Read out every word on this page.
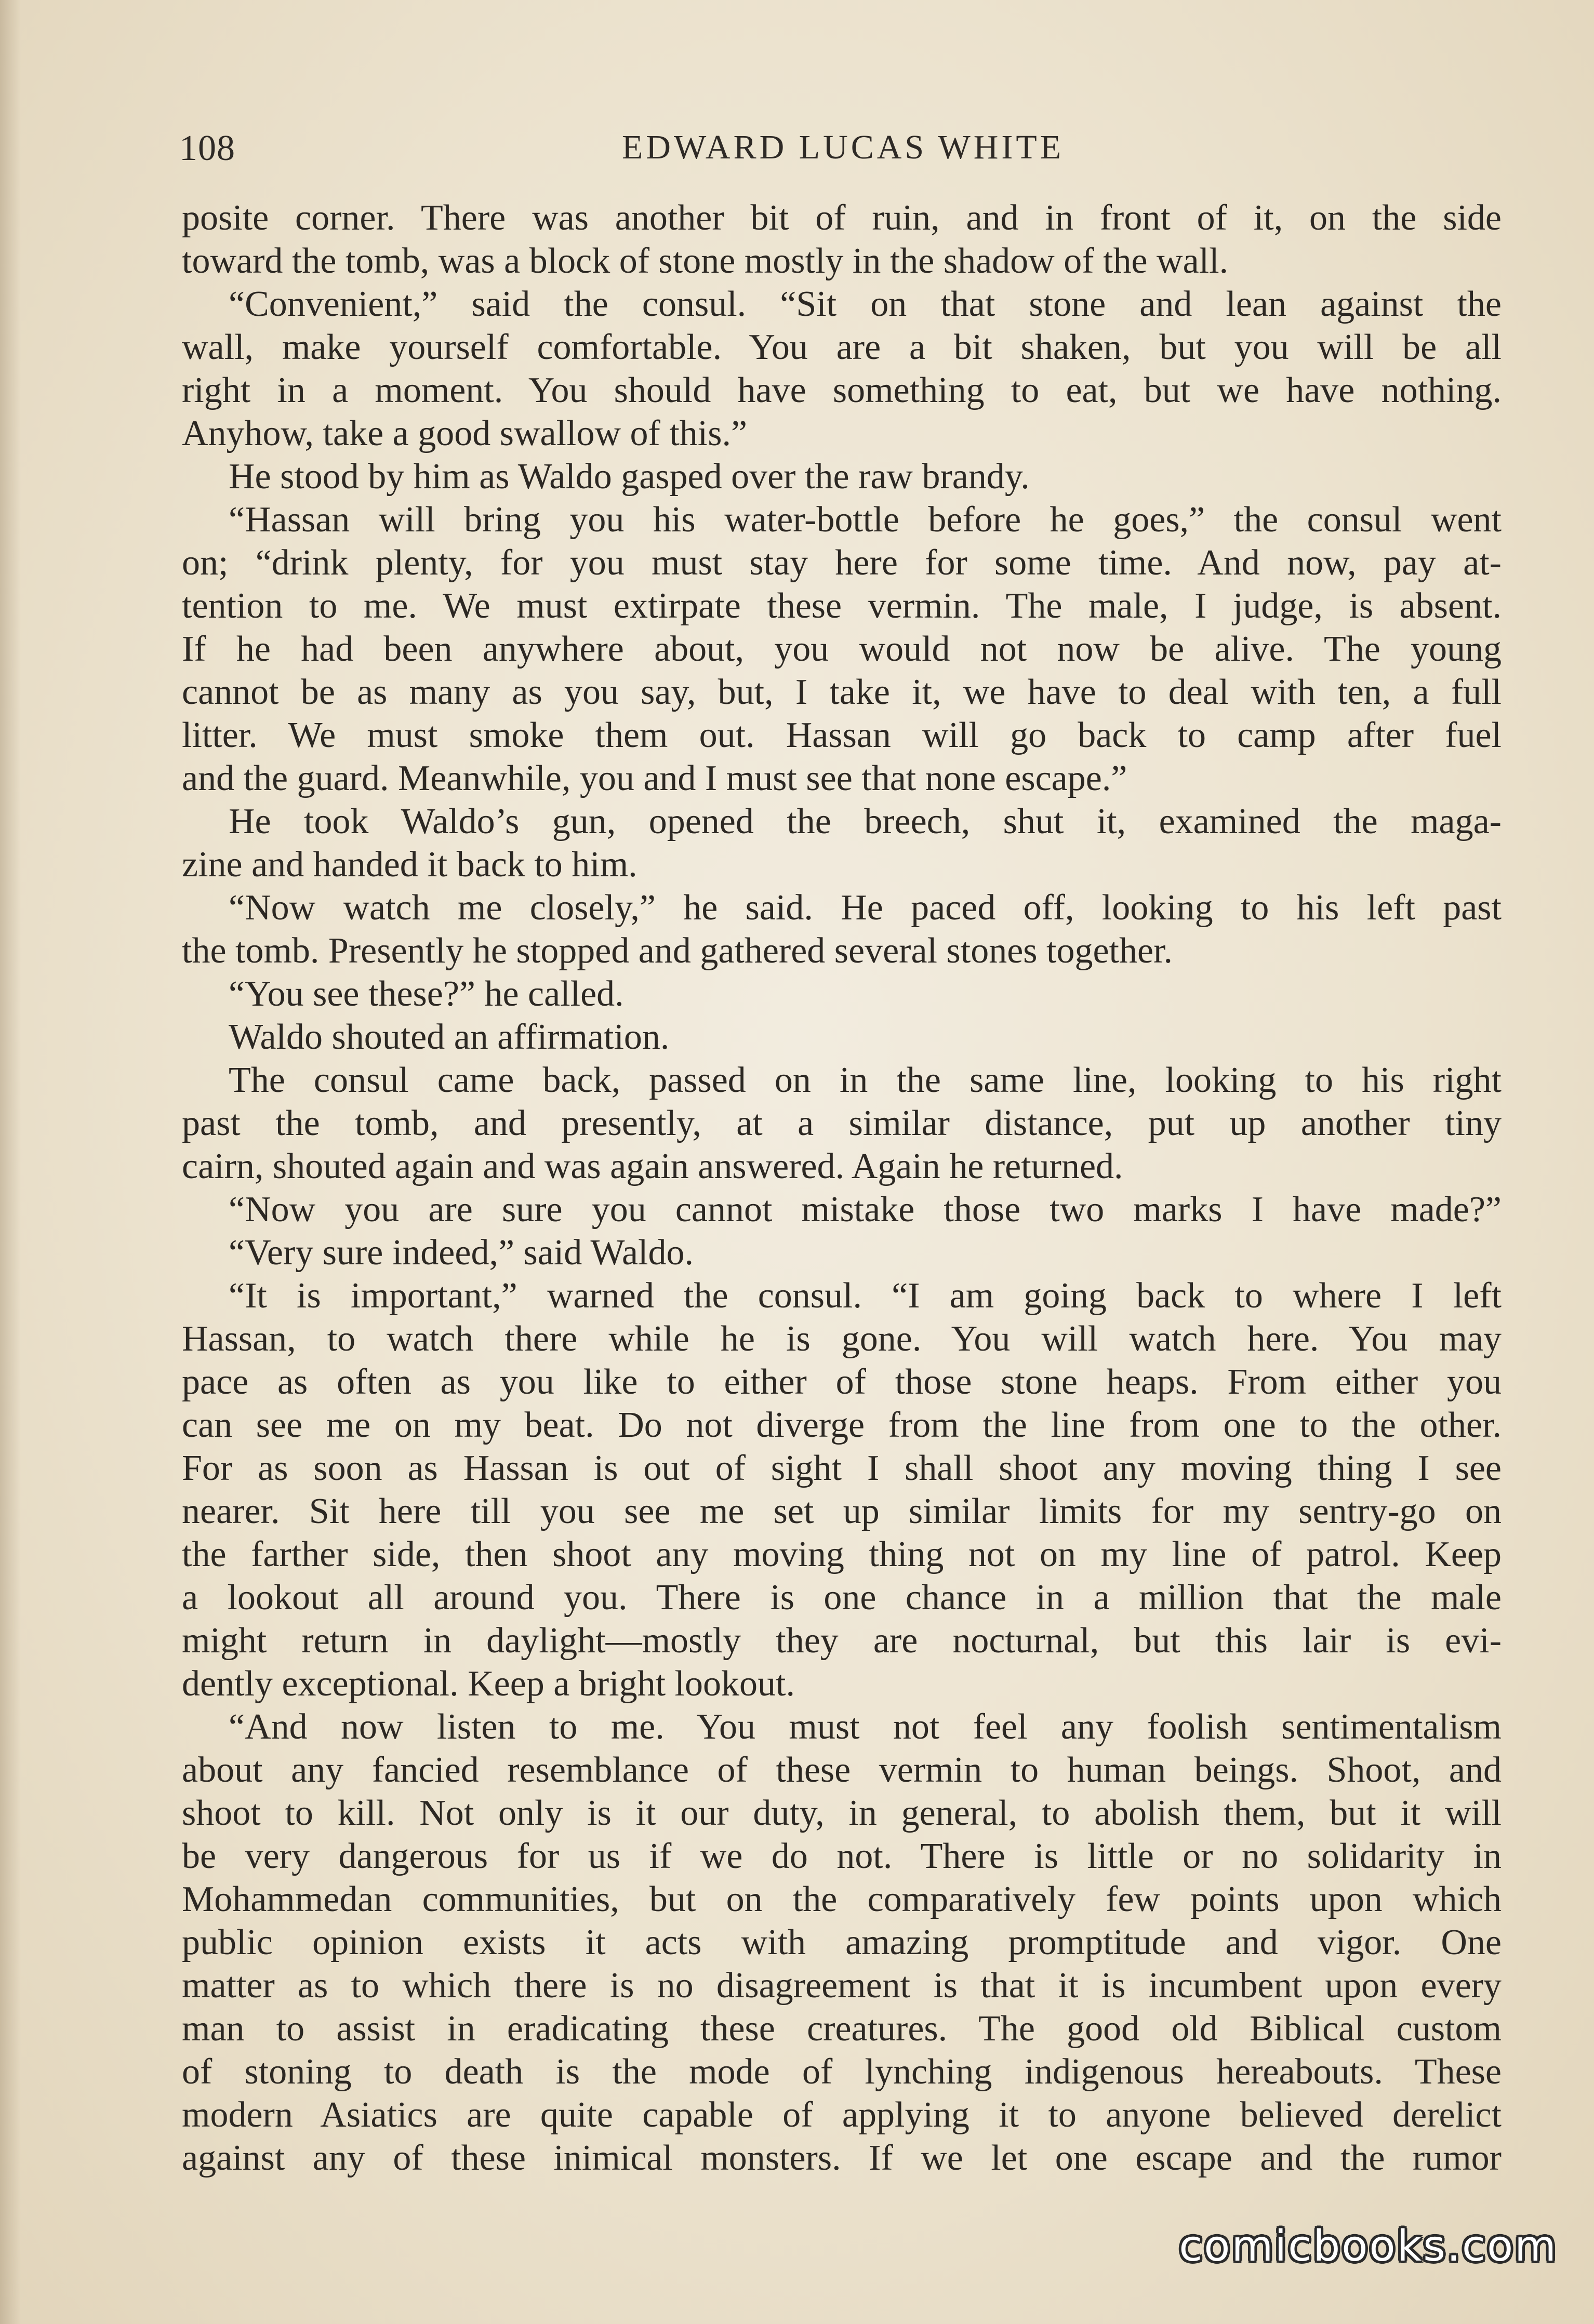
108	EDWARD LUCAS WHITE
posite corner. There was another bit of ruin, and in front of it, on the side
toward the tomb, was a block of stone mostly in the shadow of the wall.
“Convenient,” said the consul. “Sit on that stone and lean against the
wall, make yourself comfortable. You are a bit shaken, but you will be all
right in a moment. You should have something to eat, but we have nothing.
Anyhow, take a good swallow of this.”
He stood by him as Waldo gasped over the raw brandy.
“Hassan will bring you his water-bottle before he goes,” the consul went
on; “drink plenty, for you must stay here for some time. And now, pay at-
tention to me. We must extirpate these vermin. The male, I judge, is absent.
If he had been anywhere about, you would not now be alive. The young
cannot be as many as you say, but, I take it, we have to deal with ten, a full
litter. We must smoke them out. Hassan will go back to camp after fuel
and the guard. Meanwhile, you and I must see that none escape.”
He took Waldo’s gun, opened the breech, shut it, examined the maga-
zine and handed it back to him.
“Now watch me closely,” he said. He paced off, looking to his left past
the tomb. Presently he stopped and gathered several stones together.
“You see these?” he called.
Waldo shouted an affirmation.
The consul came back, passed on in the same line, looking to his right
past the tomb, and presently, at a similar distance, put up another tiny
cairn, shouted again and was again answered. Again he returned.
“Now you are sure you cannot mistake those two marks I have made?”
“Very sure indeed,” said Waldo.
“It is important,” warned the consul. “I am going back to where I left
Hassan, to watch there while he is gone. You will watch here. You may
pace as often as you like to either of those stone heaps. From either you
can see me on my beat. Do not diverge from the line from one to the other.
For as soon as Hassan is out of sight I shall shoot any moving thing I see
nearer. Sit here till you see me set up similar limits for my sentry-go on
the farther side, then shoot any moving thing not on my line of patrol. Keep
a lookout all around you. There is one chance in a million that the male
might return in daylight—mostly they are nocturnal, but this lair is evi-
dently exceptional. Keep a bright lookout.
“And now listen to me. You must not feel any foolish sentimentalism
about any fancied resemblance of these vermin to human beings. Shoot, and
shoot to kill. Not only is it our duty, in general, to abolish them, but it will
be very dangerous for us if we do not. There is little or no solidarity in
Mohammedan communities, but on the comparatively few points upon which
public opinion exists it acts with amazing promptitude and vigor. One
matter as to which there is no disagreement is that it is incumbent upon every
man to assist in eradicating these creatures. The good old Biblical custom
of stoning to death is the mode of lynching indigenous hereabouts. These
modern Asiatics are quite capable of applying it to anyone believed derelict
against any of these inimical monsters. If we let one escape and the rumor
comicbooks.com
